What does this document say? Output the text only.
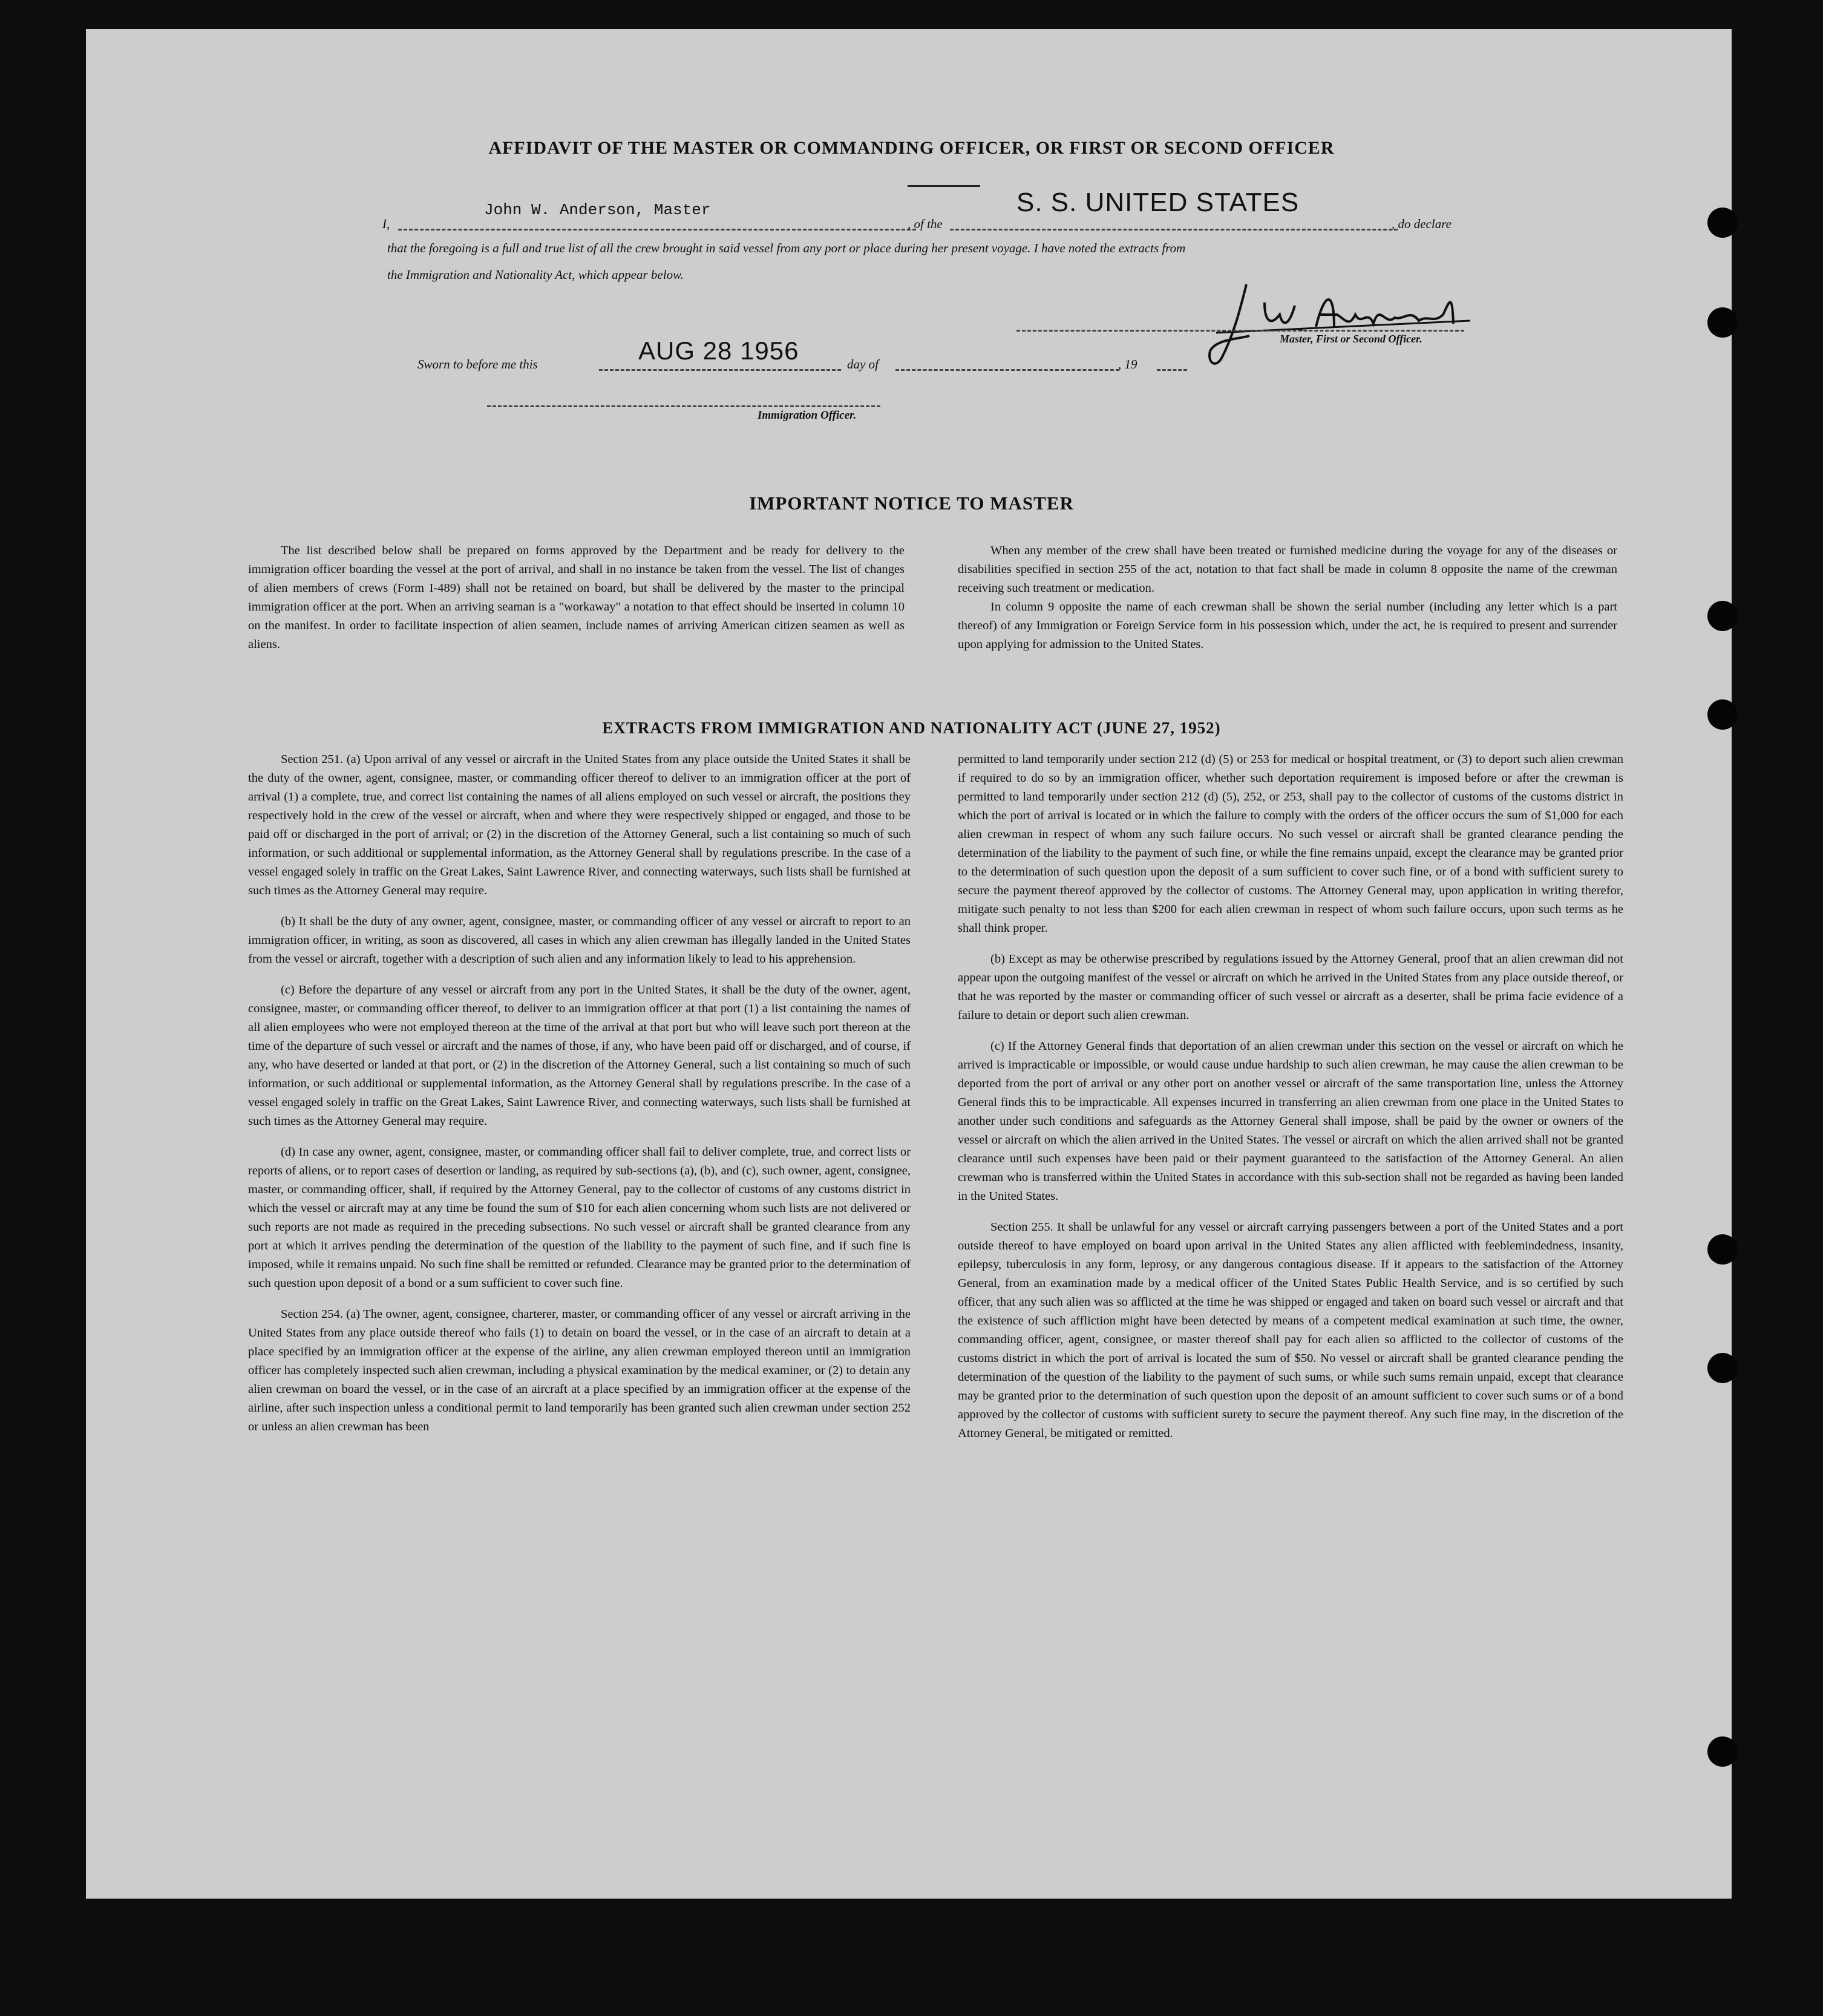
AFFIDAVIT OF THE MASTER OR COMMANDING OFFICER, OR FIRST OR SECOND OFFICER
I,
John W. Anderson, Master
, of the
S. S. UNITED STATES
, do declare
that the foregoing is a full and true list of all the crew brought in said vessel from any port or place during her present voyage. I have noted the extracts from
the Immigration and Nationality Act, which appear below.
Master, First or Second Officer.
Sworn to before me this	AUG 28 1956	day of	, 19
Immigration Officer.
IMPORTANT NOTICE TO MASTER

The list described below shall be prepared on forms approved by the Department and be ready for delivery to the immigration officer boarding the vessel at the port of arrival, and shall in no instance be taken from the vessel. The list of changes of alien members of crews (Form I-489) shall not be retained on board, but shall be delivered by the master to the principal immigration officer at the port. When an arriving seaman is a "workaway" a notation to that effect should be inserted in column 10 on the manifest. In order to facilitate inspection of alien seamen, include names of arriving American citizen seamen as well as aliens.

When any member of the crew shall have been treated or furnished medicine during the voyage for any of the diseases or disabilities specified in section 255 of the act, notation to that fact shall be made in column 8 opposite the name of the crewman receiving such treatment or medication.

In column 9 opposite the name of each crewman shall be shown the serial number (including any letter which is a part thereof) of any Immigration or Foreign Service form in his possession which, under the act, he is required to present and surrender upon applying for admission to the United States.

EXTRACTS FROM IMMIGRATION AND NATIONALITY ACT (JUNE 27, 1952)

Section 251. (a) Upon arrival of any vessel or aircraft in the United States from any place outside the United States it shall be the duty of the owner, agent, consignee, master, or commanding officer thereof to deliver to an immigration officer at the port of arrival (1) a complete, true, and correct list containing the names of all aliens employed on such vessel or aircraft, the positions they respectively hold in the crew of the vessel or aircraft, when and where they were respectively shipped or engaged, and those to be paid off or discharged in the port of arrival; or (2) in the discretion of the Attorney General, such a list containing so much of such information, or such additional or supplemental information, as the Attorney General shall by regulations prescribe. In the case of a vessel engaged solely in traffic on the Great Lakes, Saint Lawrence River, and connecting waterways, such lists shall be furnished at such times as the Attorney General may require.

(b) It shall be the duty of any owner, agent, consignee, master, or commanding officer of any vessel or aircraft to report to an immigration officer, in writing, as soon as discovered, all cases in which any alien crewman has illegally landed in the United States from the vessel or aircraft, together with a description of such alien and any information likely to lead to his apprehension.

(c) Before the departure of any vessel or aircraft from any port in the United States, it shall be the duty of the owner, agent, consignee, master, or commanding officer thereof, to deliver to an immigration officer at that port (1) a list containing the names of all alien employees who were not employed thereon at the time of the arrival at that port but who will leave such port thereon at the time of the departure of such vessel or aircraft and the names of those, if any, who have been paid off or discharged, and of course, if any, who have deserted or landed at that port, or (2) in the discretion of the Attorney General, such a list containing so much of such information, or such additional or supplemental information, as the Attorney General shall by regulations prescribe. In the case of a vessel engaged solely in traffic on the Great Lakes, Saint Lawrence River, and connecting waterways, such lists shall be furnished at such times as the Attorney General may require.

(d) In case any owner, agent, consignee, master, or commanding officer shall fail to deliver complete, true, and correct lists or reports of aliens, or to report cases of desertion or landing, as required by sub-sections (a), (b), and (c), such owner, agent, consignee, master, or commanding officer, shall, if required by the Attorney General, pay to the collector of customs of any customs district in which the vessel or aircraft may at any time be found the sum of $10 for each alien concerning whom such lists are not delivered or such reports are not made as required in the preceding subsections. No such vessel or aircraft shall be granted clearance from any port at which it arrives pending the determination of the question of the liability to the payment of such fine, and if such fine is imposed, while it remains unpaid. No such fine shall be remitted or refunded. Clearance may be granted prior to the determination of such question upon deposit of a bond or a sum sufficient to cover such fine.

Section 254. (a) The owner, agent, consignee, charterer, master, or commanding officer of any vessel or aircraft arriving in the United States from any place outside thereof who fails (1) to detain on board the vessel, or in the case of an aircraft to detain at a place specified by an immigration officer at the expense of the airline, any alien crewman employed thereon until an immigration officer has completely inspected such alien crewman, including a physical examination by the medical examiner, or (2) to detain any alien crewman on board the vessel, or in the case of an aircraft at a place specified by an immigration officer at the expense of the airline, after such inspection unless a conditional permit to land temporarily has been granted such alien crewman under section 252 or unless an alien crewman has been

permitted to land temporarily under section 212 (d) (5) or 253 for medical or hospital treatment, or (3) to deport such alien crewman if required to do so by an immigration officer, whether such deportation requirement is imposed before or after the crewman is permitted to land temporarily under section 212 (d) (5), 252, or 253, shall pay to the collector of customs of the customs district in which the port of arrival is located or in which the failure to comply with the orders of the officer occurs the sum of $1,000 for each alien crewman in respect of whom any such failure occurs. No such vessel or aircraft shall be granted clearance pending the determination of the liability to the payment of such fine, or while the fine remains unpaid, except the clearance may be granted prior to the determination of such question upon the deposit of a sum sufficient to cover such fine, or of a bond with sufficient surety to secure the payment thereof approved by the collector of customs. The Attorney General may, upon application in writing therefor, mitigate such penalty to not less than $200 for each alien crewman in respect of whom such failure occurs, upon such terms as he shall think proper.

(b) Except as may be otherwise prescribed by regulations issued by the Attorney General, proof that an alien crewman did not appear upon the outgoing manifest of the vessel or aircraft on which he arrived in the United States from any place outside thereof, or that he was reported by the master or commanding officer of such vessel or aircraft as a deserter, shall be prima facie evidence of a failure to detain or deport such alien crewman.

(c) If the Attorney General finds that deportation of an alien crewman under this section on the vessel or aircraft on which he arrived is impracticable or impossible, or would cause undue hardship to such alien crewman, he may cause the alien crewman to be deported from the port of arrival or any other port on another vessel or aircraft of the same transportation line, unless the Attorney General finds this to be impracticable. All expenses incurred in transferring an alien crewman from one place in the United States to another under such conditions and safeguards as the Attorney General shall impose, shall be paid by the owner or owners of the vessel or aircraft on which the alien arrived in the United States. The vessel or aircraft on which the alien arrived shall not be granted clearance until such expenses have been paid or their payment guaranteed to the satisfaction of the Attorney General. An alien crewman who is transferred within the United States in accordance with this sub-section shall not be regarded as having been landed in the United States.

Section 255. It shall be unlawful for any vessel or aircraft carrying passengers between a port of the United States and a port outside thereof to have employed on board upon arrival in the United States any alien afflicted with feeblemindedness, insanity, epilepsy, tuberculosis in any form, leprosy, or any dangerous contagious disease. If it appears to the satisfaction of the Attorney General, from an examination made by a medical officer of the United States Public Health Service, and is so certified by such officer, that any such alien was so afflicted at the time he was shipped or engaged and taken on board such vessel or aircraft and that the existence of such affliction might have been detected by means of a competent medical examination at such time, the owner, commanding officer, agent, consignee, or master thereof shall pay for each alien so afflicted to the collector of customs of the customs district in which the port of arrival is located the sum of $50. No vessel or aircraft shall be granted clearance pending the determination of the question of the liability to the payment of such sums, or while such sums remain unpaid, except that clearance may be granted prior to the determination of such question upon the deposit of an amount sufficient to cover such sums or of a bond approved by the collector of customs with sufficient surety to secure the payment thereof. Any such fine may, in the discretion of the Attorney General, be mitigated or remitted.
